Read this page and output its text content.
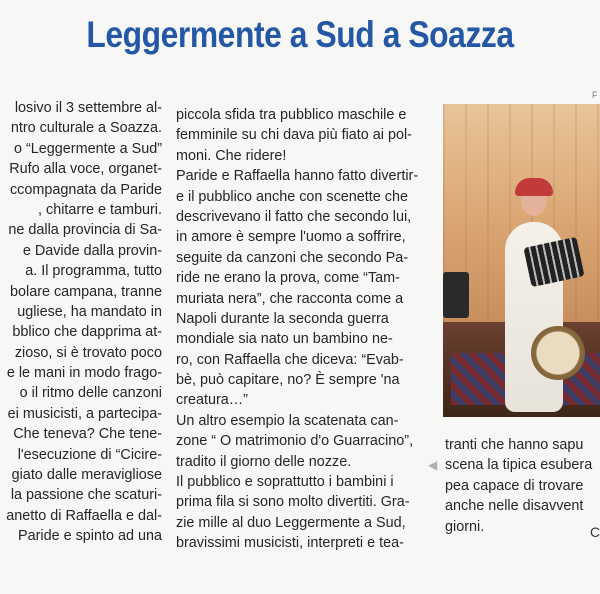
Leggermente a Sud a Soazza
F
losivo il 3 settembre al-
ntro culturale a Soazza.
o “Leggermente a Sud”
Rufo alla voce, organet-
ccompagnata da Paride
, chitarre e tamburi.
ne dalla provincia di Sa-
e Davide dalla provin-
a. Il programma, tutto
bolare campana, tranne
ugliese, ha mandato in
bblico che dapprima at-
zioso, si è trovato poco
e le mani in modo frago-
o il ritmo delle canzoni
ei musicisti, a partecipa-
Che teneva? Che tene-
l'esecuzione di “Cicire-
giato dalle meravigliose
la passione che scaturi-
anetto di Raffaella e dal-
Paride e spinto ad una
piccola sfida tra pubblico maschile e
femminile su chi dava più fiato ai pol-
moni. Che ridere!
Paride e Raffaella hanno fatto divertir-
e il pubblico anche con scenette che
descrivevano il fatto che secondo lui,
in amore è sempre l'uomo a soffrire,
seguite da canzoni che secondo Pa-
ride ne erano la prova, come “Tam-
muriata nera”, che racconta come a
Napoli durante la seconda guerra
mondiale sia nato un bambino ne-
ro, con Raffaella che diceva: “Evab-
bè, può capitare, no? È sempre 'na
creatura…”
Un altro esempio la scatenata can-
zone “ O matrimonio d'o Guarracino”,
tradito il giorno delle nozze.
Il pubblico e soprattutto i bambini i
prima fila si sono molto divertiti. Gra-
zie mille al duo Leggermente a Sud,
bravissimi musicisti, interpreti e tea-
◀
tranti che hanno sapu
scena la tipica esubera
pea capace di trovare
anche nelle disavvent
giorni.	C
